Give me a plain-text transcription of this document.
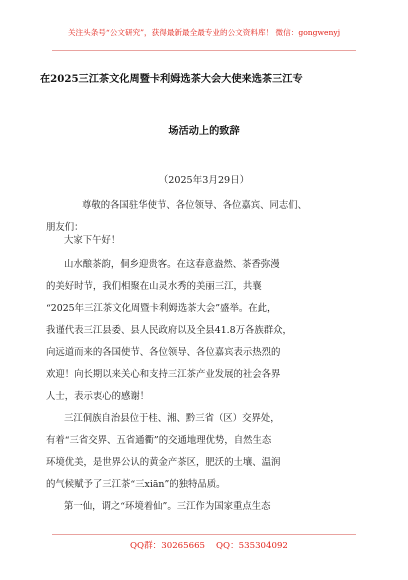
关注头条号“公文研究”，获得最新最全最专业的公文资料库！ 微信：gongwenyj
在2025三江茶文化周暨卡利姆选茶大会大使来选茶三江专
场活动上的致辞
（2025年3月29日）
尊敬的各国驻华使节、各位领导、各位嘉宾、同志们、
朋友们：
大家下午好！
山水酿茶韵，侗乡迎贵客。在这春意盎然、茶香弥漫
的美好时节，我们相聚在山灵水秀的美丽三江，共襄
“2025年三江茶文化周暨卡利姆选茶大会”盛举。在此，
我谨代表三江县委、县人民政府以及全县41.8万各族群众，
向远道而来的各国使节、各位领导、各位嘉宾表示热烈的
欢迎！向长期以来关心和支持三江茶产业发展的社会各界
人士，表示衷心的感谢！
三江侗族自治县位于桂、湘、黔三省（区）交界处，
有着“三省交界、五省通衢”的交通地理优势，自然生态
环境优美，是世界公认的黄金产茶区，肥沃的土壤、温润
的气候赋予了三江茶“三xiān”的独特品质。
第一仙，谓之“环境着仙”。三江作为国家重点生态
QQ群：30265665 QQ：535304092
